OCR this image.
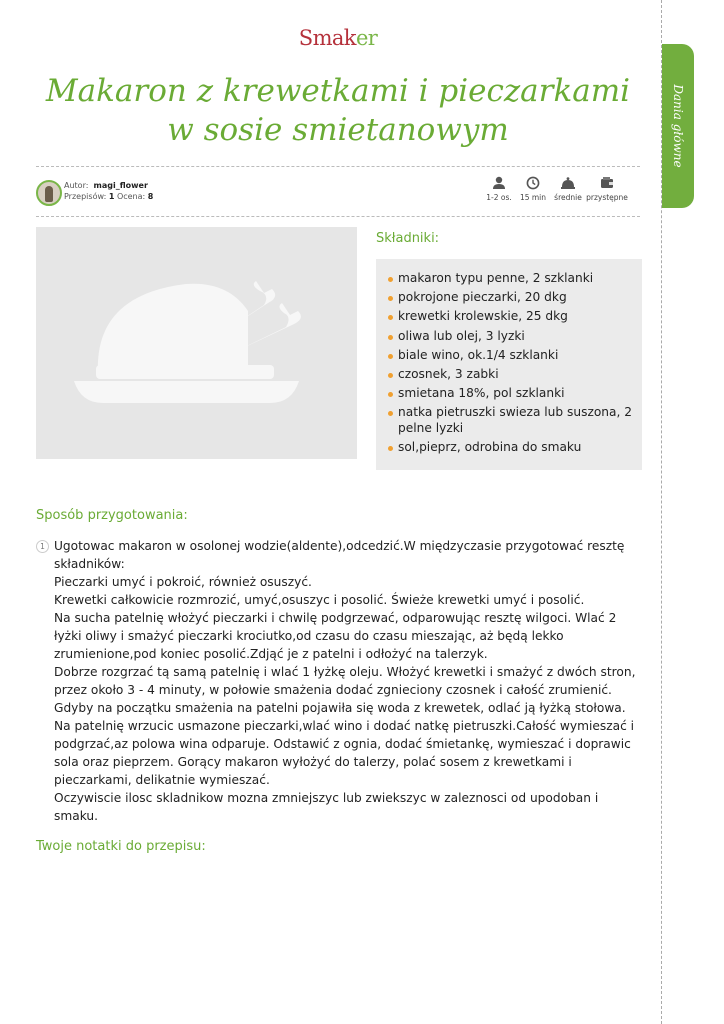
Smaker
Dania główne
Makaron z krewetkami i pieczarkami w sosie smietanowym
Autor: magi_flower
Przepisów: 1 Ocena: 8	1-2 os.	15 min	średnie przystępne
Składniki:
makaron typu penne, 2 szklanki
pokrojone pieczarki, 20 dkg
krewetki krolewskie, 25 dkg
oliwa lub olej, 3 lyzki
biale wino, ok.1/4 szklanki
czosnek, 3 zabki
smietana 18%, pol szklanki
natka pietruszki swieza lub suszona, 2 pelne lyzki
sol,pieprz, odrobina do smaku
Sposób przygotowania:
1 Ugotowac makaron w osolonej wodzie(aldente),odcedzić.W międzyczasie przygotować resztę składników:
Pieczarki umyć i pokroić, również osuszyć.
Krewetki całkowicie rozmrozić, umyć,osuszyc i posolić. Świeże krewetki umyć i posolić.
Na sucha patelnię włożyć pieczarki i chwilę podgrzewać, odparowując resztę wilgoci. Wlać 2 łyżki oliwy i smażyć pieczarki krociutko,od czasu do czasu mieszając, aż będą lekko zrumienione,pod koniec posolić.Zdjąć je z patelni i odłożyć na talerzyk.
Dobrze rozgrzać tą samą patelnię i wlać 1 łyżkę oleju. Włożyć krewetki i smażyć z dwóch stron, przez około 3 - 4 minuty, w połowie smażenia dodać zgnieciony czosnek i całość zrumienić.
Gdyby na początku smażenia na patelni pojawiła się woda z krewetek, odlać ją łyżką stołowa.
Na patelnię wrzucic usmazone pieczarki,wlać wino i dodać natkę pietruszki.Całość wymieszać i podgrzać,az polowa wina odparuje. Odstawić z ognia, dodać śmietankę, wymieszać i doprawic sola oraz pieprzem. Gorący makaron wyłożyć do talerzy, polać sosem z krewetkami i pieczarkami, delikatnie wymieszać.
Oczywiscie ilosc skladnikow mozna zmniejszyc lub zwiekszyc w zaleznosci od upodoban i smaku.
Twoje notatki do przepisu:
